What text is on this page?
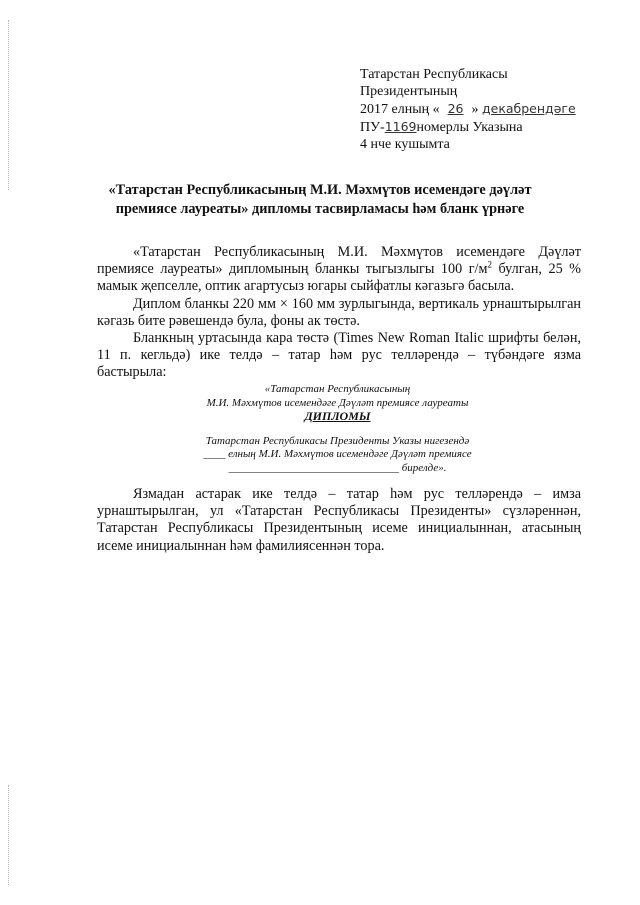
Татарстан Республикасы
Президентының
2017 елның « 26 » декабрендәге
ПУ-1169номерлы Указына
4 нче кушымта
«Татарстан Республикасының М.И. Мәхмүтов исемендәге дәүләт премиясе лауреаты» дипломы тасвирламасы һәм бланк үрнәге

«Татарстан Республикасының М.И. Мәхмүтов исемендәге Дәүләт премиясе лауреаты» дипломының бланкы тыгызлыгы 100 $г/м^2$ булган, 25 % мамык җепселле, оптик агартусыз югары сыйфатлы кәгазьгә басыла.

Диплом бланкы 220 мм × 160 мм зурлыгында, вертикаль урнаштырылган кәгазь бите рәвешендә була, фоны ак төстә.

Бланкның уртасында кара төстә (Times New Roman Italic шрифты белән, 11 п. кегльдә) ике телдә – татар һәм рус телләрендә – түбәндәге язма бастырыла:

«Татарстан Республикасының
М.И. Мәхмүтов исемендәге Дәүләт премиясе лауреаты
ДИПЛОМЫ
Татарстан Республикасы Президенты Указы нигезендә
____ елның М.И. Мәхмүтов исемендәге Дәүләт премиясе
_______________________________ бирелде».

Язмадан астарак ике телдә – татар һәм рус телләрендә – имза урнаштырылган, ул «Татарстан Республикасы Президенты» сүзләреннән, Татарстан Республикасы Президентының исеме инициалыннан, атасының исеме инициалыннан һәм фамилиясеннән тора.
